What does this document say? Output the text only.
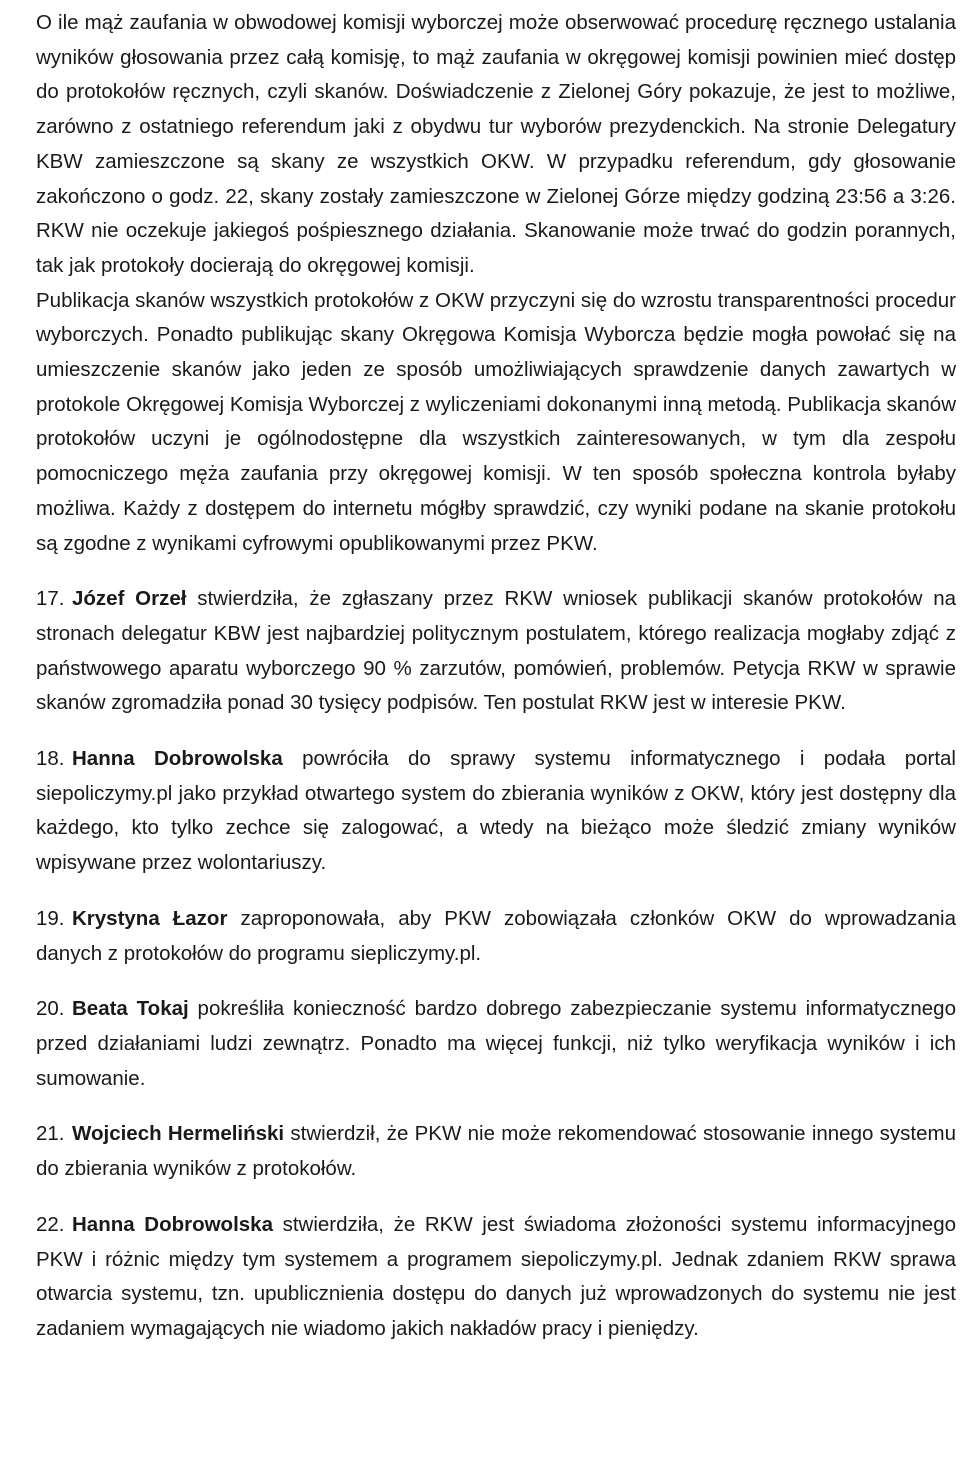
O ile mąż zaufania w obwodowej komisji wyborczej może obserwować procedurę ręcznego ustalania wyników głosowania przez całą komisję, to mąż zaufania w okręgowej komisji powinien mieć dostęp do protokołów ręcznych, czyli skanów. Doświadczenie z Zielonej Góry pokazuje, że jest to możliwe, zarówno z ostatniego referendum jaki z obydwu tur wyborów prezydenckich. Na stronie Delegatury KBW zamieszczone są skany ze wszystkich OKW. W przypadku referendum, gdy głosowanie zakończono o godz. 22, skany zostały zamieszczone w Zielonej Górze między godziną 23:56 a 3:26. RKW nie oczekuje jakiegoś pośpiesznego działania. Skanowanie może trwać do godzin porannych, tak jak protokoły docierają do okręgowej komisji.

Publikacja skanów wszystkich protokołów z OKW przyczyni się do wzrostu transparentności procedur wyborczych. Ponadto publikując skany Okręgowa Komisja Wyborcza będzie mogła powołać się na umieszczenie skanów jako jeden ze sposób umożliwiających sprawdzenie danych zawartych w protokole Okręgowej Komisja Wyborczej z wyliczeniami dokonanymi inną metodą. Publikacja skanów protokołów uczyni je ogólnodostępne dla wszystkich zainteresowanych, w tym dla zespołu pomocniczego męża zaufania przy okręgowej komisji. W ten sposób społeczna kontrola byłaby możliwa. Każdy z dostępem do internetu mógłby sprawdzić, czy wyniki podane na skanie protokołu są zgodne z wynikami cyfrowymi opublikowanymi przez PKW.

17. Józef Orzeł stwierdziła, że zgłaszany przez RKW wniosek publikacji skanów protokołów na stronach delegatur KBW jest najbardziej politycznym postulatem, którego realizacja mogłaby zdjąć z państwowego aparatu wyborczego 90 % zarzutów, pomówień, problemów. Petycja RKW w sprawie skanów zgromadziła ponad 30 tysięcy podpisów. Ten postulat RKW jest w interesie PKW.

18. Hanna Dobrowolska powróciła do sprawy systemu informatycznego i podała portal siepoliczymy.pl jako przykład otwartego system do zbierania wyników z OKW, który jest dostępny dla każdego, kto tylko zechce się zalogować, a wtedy na bieżąco może śledzić zmiany wyników wpisywane przez wolontariuszy.

19. Krystyna Łazor zaproponowała, aby PKW zobowiązała członków OKW do wprowadzania danych z protokołów do programu siepliczymy.pl.

20. Beata Tokaj pokreśliła konieczność bardzo dobrego zabezpieczanie systemu informatycznego przed działaniami ludzi zewnątrz. Ponadto ma więcej funkcji, niż tylko weryfikacja wyników i ich sumowanie.

21. Wojciech Hermeliński stwierdził, że PKW nie może rekomendować stosowanie innego systemu do zbierania wyników z protokołów.

22. Hanna Dobrowolska stwierdziła, że RKW jest świadoma złożoności systemu informacyjnego PKW i różnic między tym systemem a programem siepoliczymy.pl. Jednak zdaniem RKW sprawa otwarcia systemu, tzn. upublicznienia dostępu do danych już wprowadzonych do systemu nie jest zadaniem wymagających nie wiadomo jakich nakładów pracy i pieniędzy.
